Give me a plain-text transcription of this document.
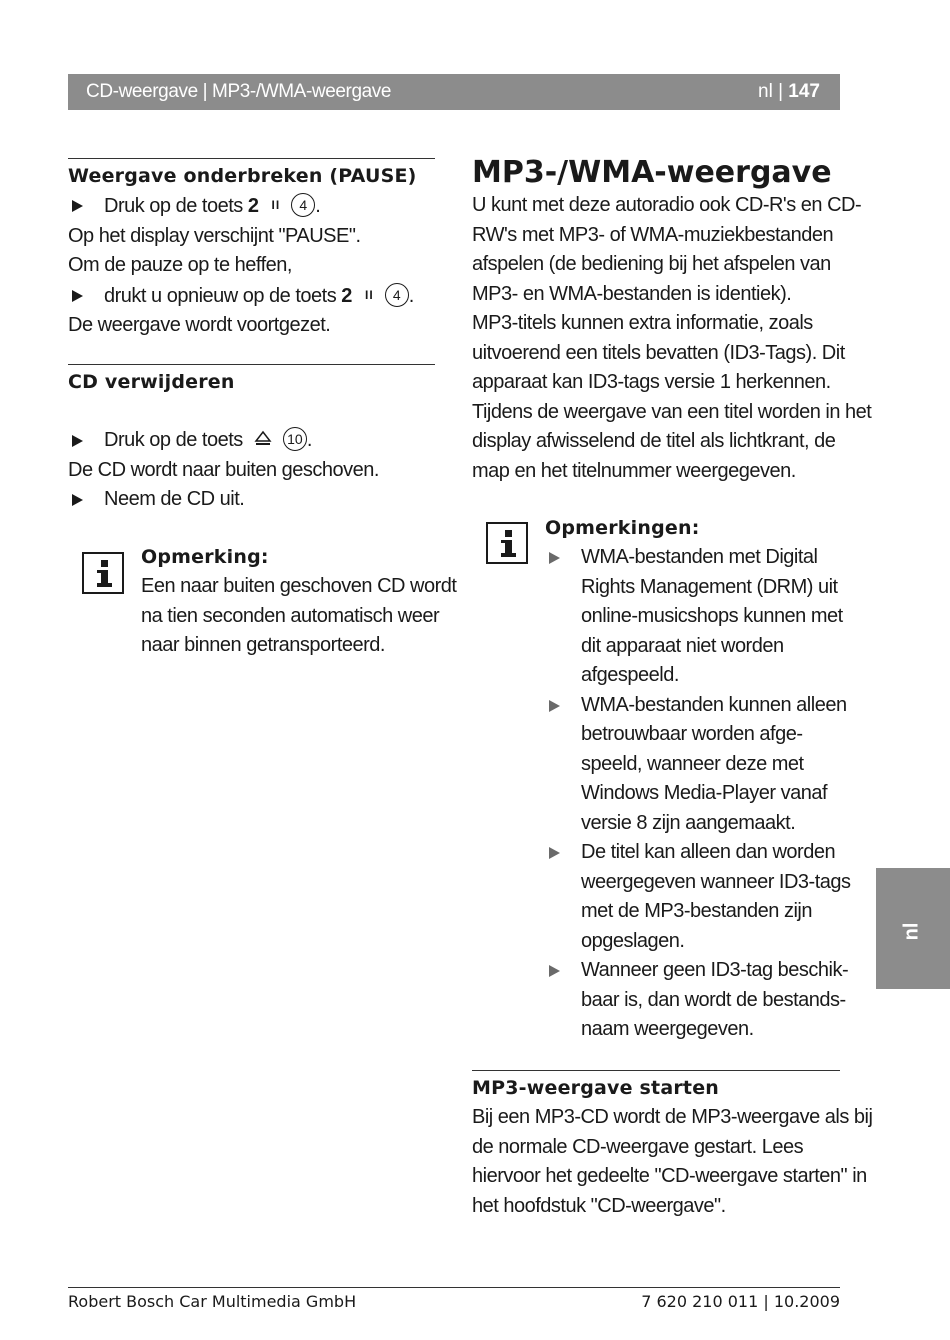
CD-weergave | MP3-/WMA-weergave	nl | 147
Weergave onderbreken (PAUSE)
Druk op de toets 2 II 4 .
Op het display verschijnt "PAUSE".
Om de pauze op te heffen,
drukt u opnieuw op de toets 2 II 4 .
De weergave wordt voortgezet.
CD verwijderen
Druk op de toets	10 .
De CD wordt naar buiten geschoven.
Neem de CD uit.
Opmerking:
Een naar buiten geschoven CD wordt
na tien seconden automatisch weer
naar binnen getransporteerd.
MP3-/WMA-weergave
U kunt met deze autoradio ook CD-R's en CD-
RW's met MP3- of WMA-muziekbestanden
afspelen (de bediening bij het afspelen van
MP3- en WMA-bestanden is identiek).
MP3-titels kunnen extra informatie, zoals
uitvoerend een titels bevatten (ID3-Tags). Dit
apparaat kan ID3-tags versie 1 herkennen.
Tijdens de weergave van een titel worden in het
display afwisselend de titel als lichtkrant, de
map en het titelnummer weergegeven.
Opmerkingen:
WMA-bestanden met Digital
Rights Management (DRM) uit
online-musicshops kunnen met
dit apparaat niet worden
afgespeeld.
WMA-bestanden kunnen alleen
betrouwbaar worden afge-
speeld, wanneer deze met
Windows Media-Player vanaf
versie 8 zijn aangemaakt.
De titel kan alleen dan worden
weergegeven wanneer ID3-tags
met de MP3-bestanden zijn
opgeslagen.
Wanneer geen ID3-tag beschik-
baar is, dan wordt de bestands-
naam weergegeven.
MP3-weergave starten
Bij een MP3-CD wordt de MP3-weergave als bij
de normale CD-weergave gestart. Lees
hiervoor het gedeelte "CD-weergave starten" in
het hoofdstuk "CD-weergave".
nl
Robert Bosch Car Multimedia GmbH	7 620 210 011 | 10.2009
